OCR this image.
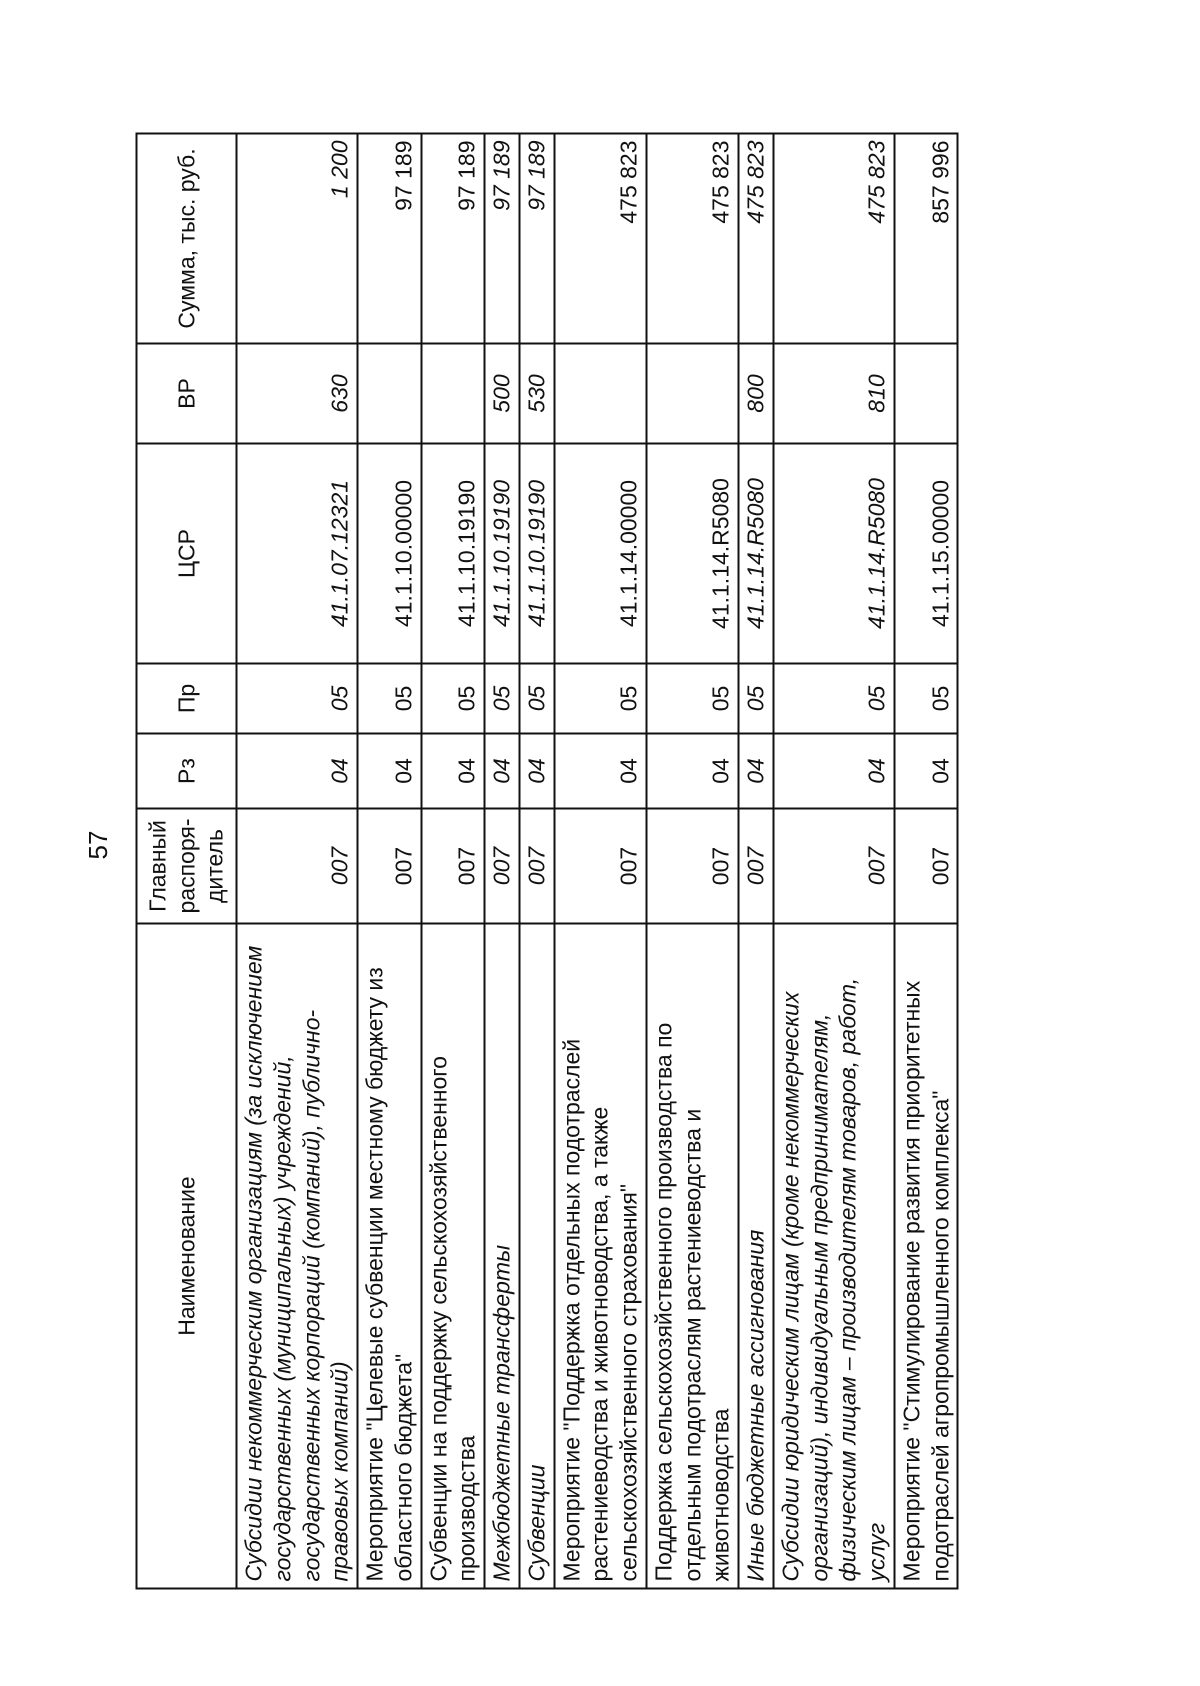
57
Наименование	Главный распоря- дитель	Рз	Пр	ЦСР	ВР	Сумма, тыс. руб.
Субсидии некоммерческим организациям (за исключением государственных (муниципальных) учреждений, государственных корпораций (компаний), публично-правовых компаний)	007	04	05	41.1.07.12321	630	1 200
Мероприятие "Целевые субвенции местному бюджету из областного бюджета"	007	04	05	41.1.10.00000		97 189
Субвенции на поддержку сельскохозяйственного производства	007	04	05	41.1.10.19190		97 189
Межбюджетные трансферты	007	04	05	41.1.10.19190	500	97 189
Субвенции	007	04	05	41.1.10.19190	530	97 189
Мероприятие "Поддержка отдельных подотраслей растениеводства и животноводства, а также сельскохозяйственного страхования"	007	04	05	41.1.14.00000		475 823
Поддержка сельскохозяйственного производства по отдельным подотраслям растениеводства и животноводства	007	04	05	41.1.14.R5080		475 823
Иные бюджетные ассигнования	007	04	05	41.1.14.R5080	800	475 823
Субсидии юридическим лицам (кроме некоммерческих организаций), индивидуальным предпринимателям, физическим лицам – производителям товаров, работ, услуг	007	04	05	41.1.14.R5080	810	475 823
Мероприятие "Стимулирование развития приоритетных подотраслей агропромышленного комплекса"	007	04	05	41.1.15.00000		857 996
